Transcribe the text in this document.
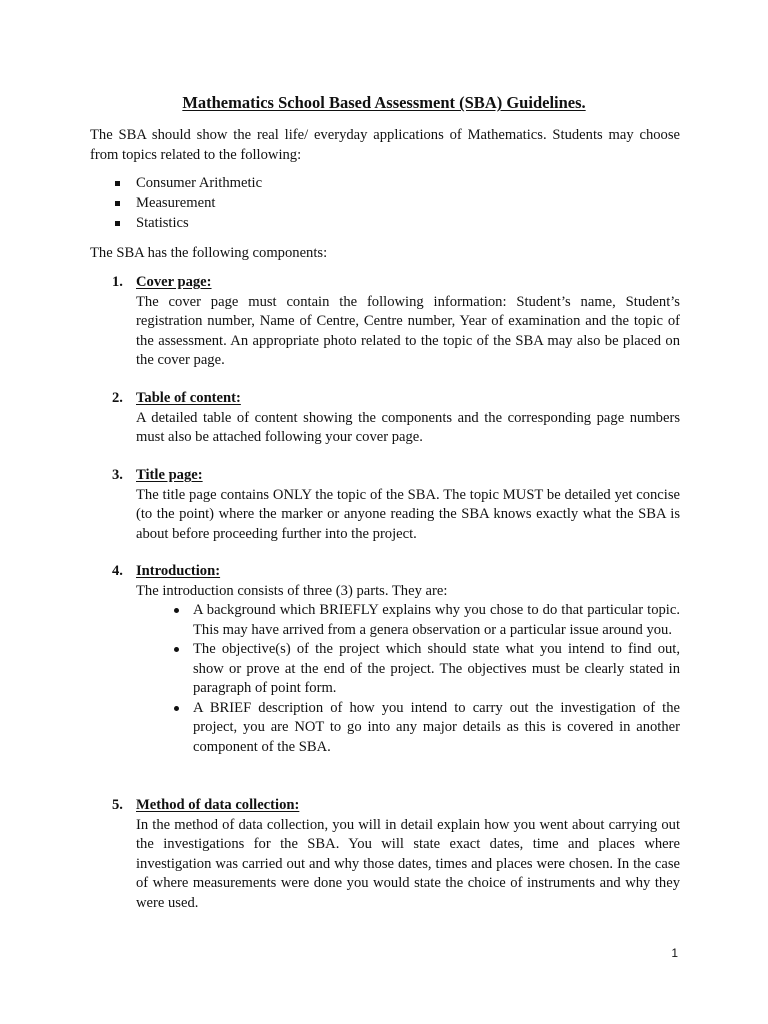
Mathematics School Based Assessment (SBA) Guidelines.
The SBA should show the real life/ everyday applications of Mathematics. Students may choose from topics related to the following:
Consumer Arithmetic
Measurement
Statistics
The SBA has the following components:
1. Cover page:

The cover page must contain the following information: Student’s name, Student’s registration number, Name of Centre, Centre number, Year of examination and the topic of the assessment. An appropriate photo related to the topic of the SBA may also be placed on the cover page.

2. Table of content:

A detailed table of content showing the components and the corresponding page numbers must also be attached following your cover page.

3. Title page:

The title page contains ONLY the topic of the SBA. The topic MUST be detailed yet concise (to the point) where the marker or anyone reading the SBA knows exactly what the SBA is about before proceeding further into the project.

4. Introduction:

The introduction consists of three (3) parts. They are:

A background which BRIEFLY explains why you chose to do that particular topic. This may have arrived from a genera observation or a particular issue around you.
The objective(s) of the project which should state what you intend to find out, show or prove at the end of the project. The objectives must be clearly stated in paragraph of point form.
A BRIEF description of how you intend to carry out the investigation of the project, you are NOT to go into any major details as this is covered in another component of the SBA.
5. Method of data collection:

In the method of data collection, you will in detail explain how you went about carrying out the investigations for the SBA. You will state exact dates, time and places where investigation was carried out and why those dates, times and places were chosen. In the case of where measurements were done you would state the choice of instruments and why they were used.

1
